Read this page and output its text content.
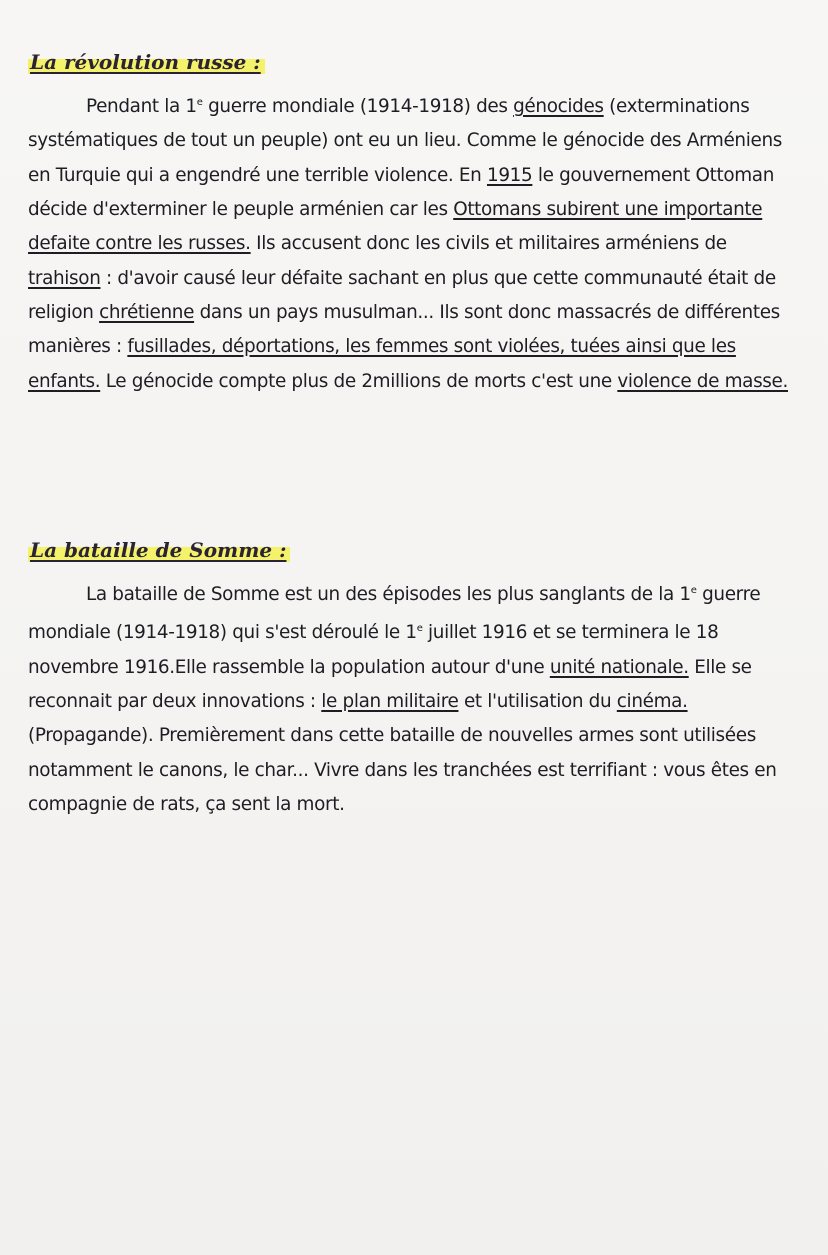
La révolution russe :

Pendant la 1e guerre mondiale (1914-1918) des génocides (exterminations systématiques de tout un peuple) ont eu un lieu. Comme le génocide des Arméniens en Turquie qui a engendré une terrible violence. En 1915 le gouvernement Ottoman décide d'exterminer le peuple arménien car les Ottomans subirent une importante defaite contre les russes. Ils accusent donc les civils et militaires arméniens de trahison : d'avoir causé leur défaite sachant en plus que cette communauté était de religion chrétienne dans un pays musulman... Ils sont donc massacrés de différentes manières : fusillades, déportations, les femmes sont violées, tuées ainsi que les enfants. Le génocide compte plus de 2millions de morts c'est une violence de masse.

La bataille de Somme :

La bataille de Somme est un des épisodes les plus sanglants de la 1e guerre mondiale (1914-1918) qui s'est déroulé le 1e juillet 1916 et se terminera le 18 novembre 1916.Elle rassemble la population autour d'une unité nationale. Elle se reconnait par deux innovations : le plan militaire et l'utilisation du cinéma. (Propagande). Premièrement dans cette bataille de nouvelles armes sont utilisées notamment le canons, le char... Vivre dans les tranchées est terrifiant : vous êtes en compagnie de rats, ça sent la mort.
